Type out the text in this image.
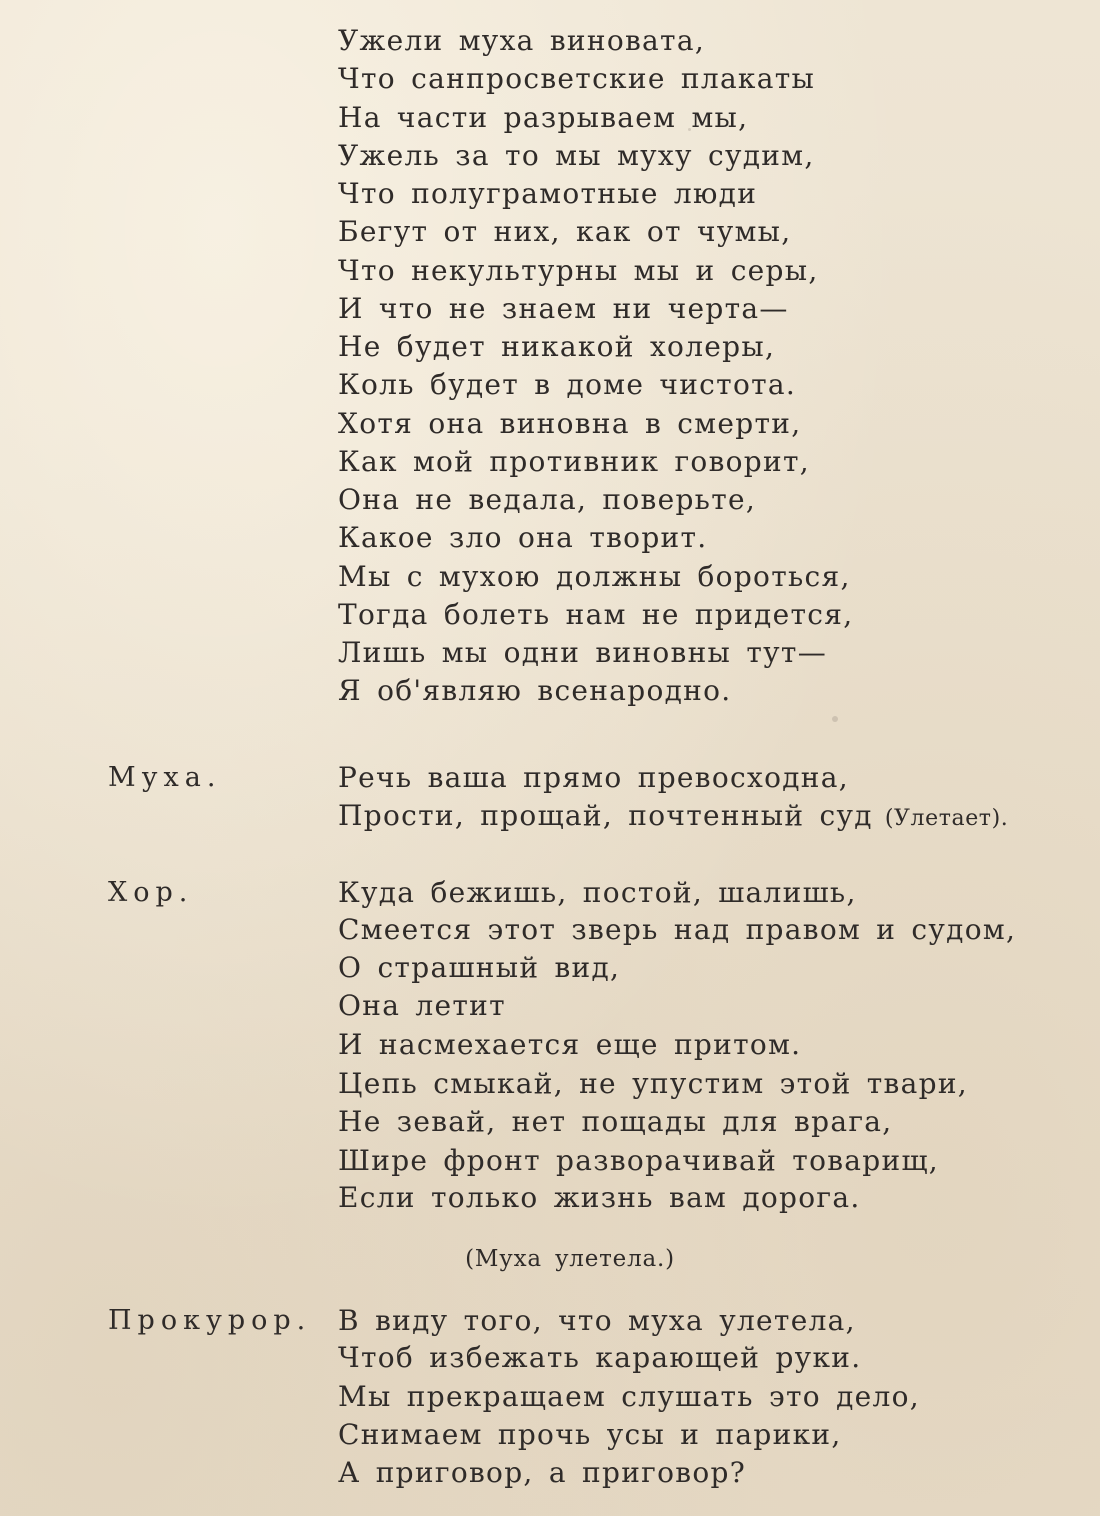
Ужели муха виновата,

Что санпросветские плакаты

На части разрываем мы,

Ужель за то мы муху судим,

Что полуграмотные люди

Бегут от них, как от чумы,

Что некультурны мы и серы,

И что не знаем ни черта—

Не будет никакой холеры,

Коль будет в доме чистота.

Хотя она виновна в смерти,

Как мой противник говорит,

Она не ведала, поверьте,

Какое зло она творит.

Мы с мухою должны бороться,

Тогда болеть нам не придется,

Лишь мы одни виновны тут—

Я об'являю всенародно.

Муха.	Речь ваша прямо превосходна,

Прости, прощай, почтенный суд (Улетает).

Хор.	Куда бежишь, постой, шалишь,

Смеется этот зверь над правом и судом,

О страшный вид,

Она летит

И насмехается еще притом.

Цепь смыкай, не упустим этой твари,

Не зевай, нет пощады для врага,

Шире фронт разворачивай товарищ,

Если только жизнь вам дорога.

(Муха улетела.)

Прокурор. В виду того, что муха улетела,

Чтоб избежать карающей руки.

Мы прекращаем слушать это дело,

Снимаем прочь усы и парики,

А приговор, а приговор?
